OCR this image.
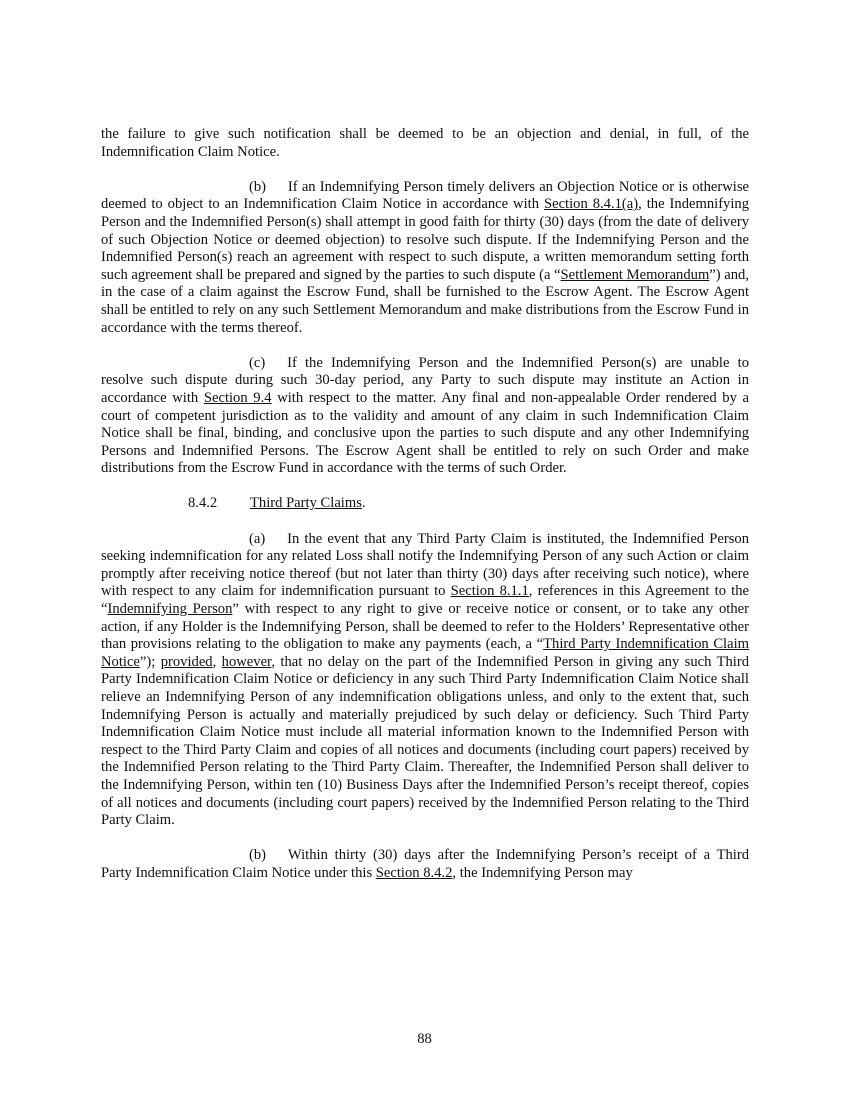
the failure to give such notification shall be deemed to be an objection and denial, in full, of the Indemnification Claim Notice.

(b)   If an Indemnifying Person timely delivers an Objection Notice or is otherwise deemed to object to an Indemnification Claim Notice in accordance with Section 8.4.1(a), the Indemnifying Person and the Indemnified Person(s) shall attempt in good faith for thirty (30) days (from the date of delivery of such Objection Notice or deemed objection) to resolve such dispute. If the Indemnifying Person and the Indemnified Person(s) reach an agreement with respect to such dispute, a written memorandum setting forth such agreement shall be prepared and signed by the parties to such dispute (a “Settlement Memorandum”) and, in the case of a claim against the Escrow Fund, shall be furnished to the Escrow Agent. The Escrow Agent shall be entitled to rely on any such Settlement Memorandum and make distributions from the Escrow Fund in accordance with the terms thereof.

(c)   If the Indemnifying Person and the Indemnified Person(s) are unable to resolve such dispute during such 30-day period, any Party to such dispute may institute an Action in accordance with Section 9.4 with respect to the matter. Any final and non-appealable Order rendered by a court of competent jurisdiction as to the validity and amount of any claim in such Indemnification Claim Notice shall be final, binding, and conclusive upon the parties to such dispute and any other Indemnifying Persons and Indemnified Persons. The Escrow Agent shall be entitled to rely on such Order and make distributions from the Escrow Fund in accordance with the terms of such Order.

8.4.2 Third Party Claims.

(a)   In the event that any Third Party Claim is instituted, the Indemnified Person seeking indemnification for any related Loss shall notify the Indemnifying Person of any such Action or claim promptly after receiving notice thereof (but not later than thirty (30) days after receiving such notice), where with respect to any claim for indemnification pursuant to Section 8.1.1, references in this Agreement to the “Indemnifying Person” with respect to any right to give or receive notice or consent, or to take any other action, if any Holder is the Indemnifying Person, shall be deemed to refer to the Holders’ Representative other than provisions relating to the obligation to make any payments (each, a “Third Party Indemnification Claim Notice”); provided, however, that no delay on the part of the Indemnified Person in giving any such Third Party Indemnification Claim Notice or deficiency in any such Third Party Indemnification Claim Notice shall relieve an Indemnifying Person of any indemnification obligations unless, and only to the extent that, such Indemnifying Person is actually and materially prejudiced by such delay or deficiency. Such Third Party Indemnification Claim Notice must include all material information known to the Indemnified Person with respect to the Third Party Claim and copies of all notices and documents (including court papers) received by the Indemnified Person relating to the Third Party Claim. Thereafter, the Indemnified Person shall deliver to the Indemnifying Person, within ten (10) Business Days after the Indemnified Person’s receipt thereof, copies of all notices and documents (including court papers) received by the Indemnified Person relating to the Third Party Claim.

(b)   Within thirty (30) days after the Indemnifying Person’s receipt of a Third Party Indemnification Claim Notice under this Section 8.4.2, the Indemnifying Person may

88
